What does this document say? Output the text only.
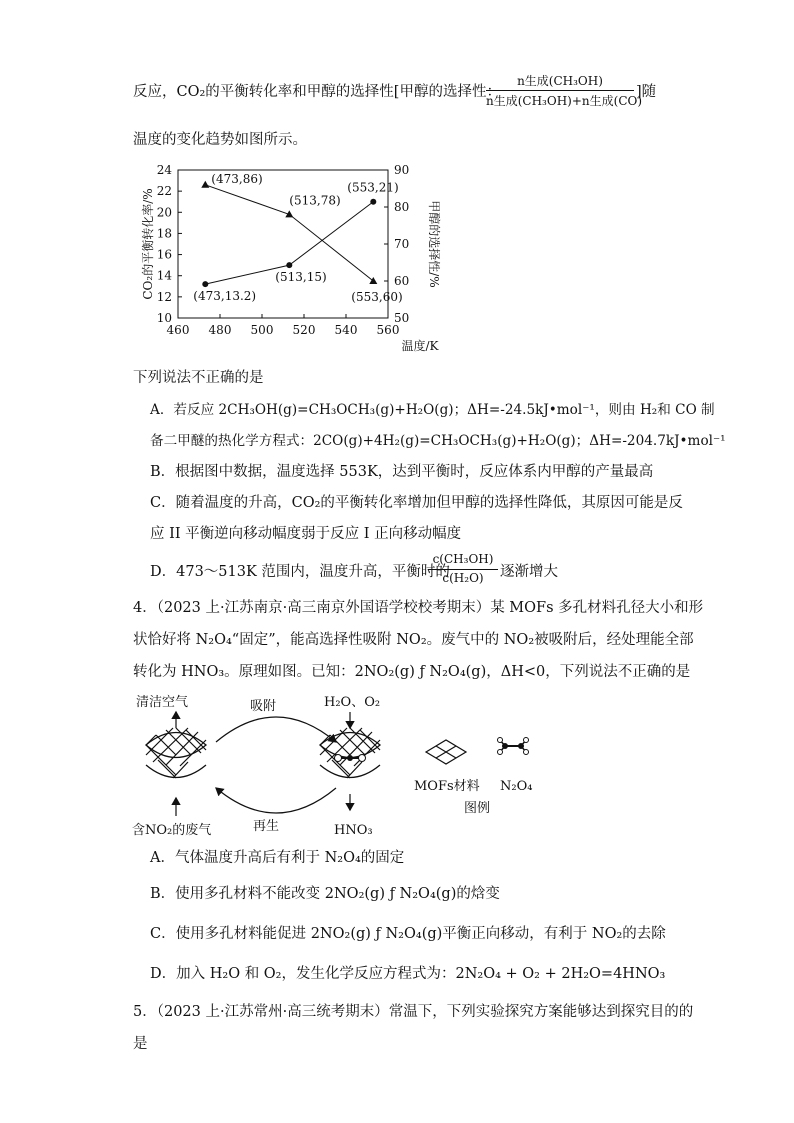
反应，CO₂的平衡转化率和甲醇的选择性[甲醇的选择性：
n生成(CH₃OH)
n生成(CH₃OH)+n生成(CO)
]随
温度的变化趋势如图所示。
460 480 500 520 540 560
10
12
14
16
18
20
22
24
50
60
70
80
90
CO₂的平衡转化率/%	甲醇的选择性/%
温度/K
(473,13.2)
(513,15)
(553,21)
(473,86)
(513,78)
(553,60)
下列说法不正确的是
A．若反应 2CH₃OH(g)=CH₃OCH₃(g)+H₂O(g)；ΔH=-24.5kJ•mol⁻¹，则由 H₂和 CO 制
备二甲醚的热化学方程式：2CO(g)+4H₂(g)=CH₃OCH₃(g)+H₂O(g)；ΔH=-204.7kJ•mol⁻¹
B．根据图中数据，温度选择 553K，达到平衡时，反应体系内甲醇的产量最高
C．随着温度的升高，CO₂的平衡转化率增加但甲醇的选择性降低，其原因可能是反
应 II 平衡逆向移动幅度弱于反应 I 正向移动幅度
D．473～513K 范围内，温度升高，平衡时的
c(CH₃OH)
c(H₂O)	逐渐增大
4．（2023 上·江苏南京·高三南京外国语学校校考期末）某 MOFs 多孔材料孔径大小和形
状恰好将 N₂O₄“固定”，能高选择性吸附 NO₂。废气中的 NO₂被吸附后，经处理能全部
转化为 HNO₃。原理如图。已知：2NO₂(g) ƒ N₂O₄(g)，ΔH<0，下列说法不正确的是
清洁空气
含NO₂的废气
吸附
再生
H₂O、O₂
HNO₃
MOFs材料 N₂O₄
图例
A．气体温度升高后有利于 N₂O₄的固定
B．使用多孔材料不能改变 2NO₂(g) ƒ N₂O₄(g)的焓变
C．使用多孔材料能促进 2NO₂(g) ƒ N₂O₄(g)平衡正向移动，有利于 NO₂的去除
D．加入 H₂O 和 O₂，发生化学反应方程式为：2N₂O₄ + O₂ + 2H₂O=4HNO₃
5．（2023 上·江苏常州·高三统考期末）常温下，下列实验探究方案能够达到探究目的的
是
